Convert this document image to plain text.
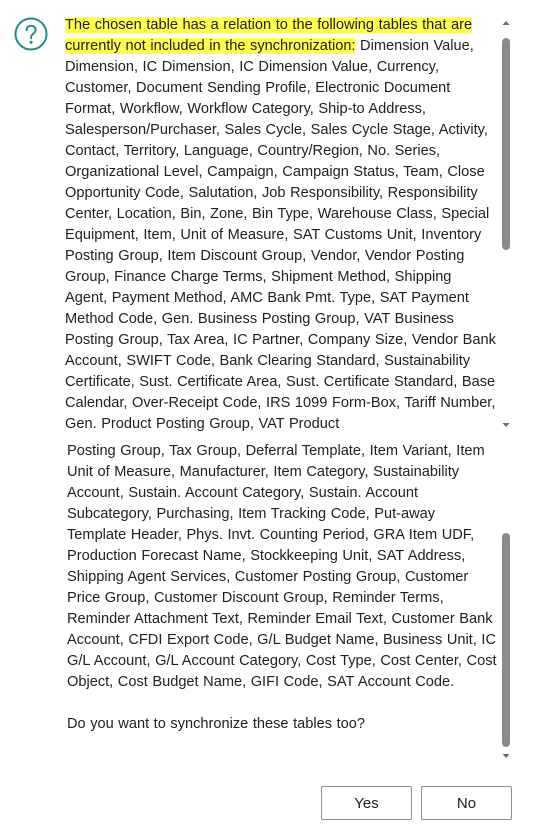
The chosen table has a relation to the following tables that are currently not included in the synchronization: Dimension Value, Dimension, IC Dimension, IC Dimension Value, Currency, Customer, Document Sending Profile, Electronic Document Format, Workflow, Workflow Category, Ship-to Address, Salesperson/Purchaser, Sales Cycle, Sales Cycle Stage, Activity, Contact, Territory, Language, Country/Region, No. Series, Organizational Level, Campaign, Campaign Status, Team, Close Opportunity Code, Salutation, Job Responsibility, Responsibility Center, Location, Bin, Zone, Bin Type, Warehouse Class, Special Equipment, Item, Unit of Measure, SAT Customs Unit, Inventory Posting Group, Item Discount Group, Vendor, Vendor Posting Group, Finance Charge Terms, Shipment Method, Shipping Agent, Payment Method, AMC Bank Pmt. Type, SAT Payment Method Code, Gen. Business Posting Group, VAT Business Posting Group, Tax Area, IC Partner, Company Size, Vendor Bank Account, SWIFT Code, Bank Clearing Standard, Sustainability Certificate, Sust. Certificate Area, Sust. Certificate Standard, Base Calendar, Over-Receipt Code, IRS 1099 Form-Box, Tariff Number, Gen. Product Posting Group, VAT Product
Posting Group, Tax Group, Deferral Template, Item Variant, Item Unit of Measure, Manufacturer, Item Category, Sustainability Account, Sustain. Account Category, Sustain. Account Subcategory, Purchasing, Item Tracking Code, Put-away Template Header, Phys. Invt. Counting Period, GRA Item UDF, Production Forecast Name, Stockkeeping Unit, SAT Address, Shipping Agent Services, Customer Posting Group, Customer Price Group, Customer Discount Group, Reminder Terms, Reminder Attachment Text, Reminder Email Text, Customer Bank Account, CFDI Export Code, G/L Budget Name, Business Unit, IC G/L Account, G/L Account Category, Cost Type, Cost Center, Cost Object, Cost Budget Name, GIFI Code, SAT Account Code.
Do you want to synchronize these tables too?
Yes	No
